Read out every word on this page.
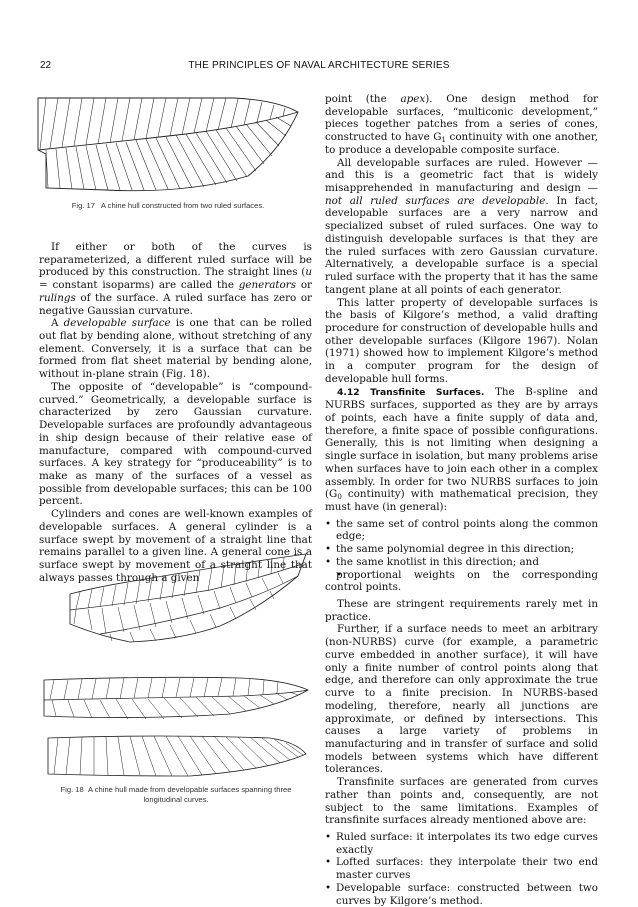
22	THE PRINCIPLES OF NAVAL ARCHITECTURE SERIES
Fig. 17 A chine hull constructed from two ruled surfaces.
Fig. 18 A chine hull made from developable surfaces spanning three
longitudinal curves.

If either or both of the curves is reparameterized, a different ruled surface will be produced by this construction. The straight lines (u = constant isoparms) are called the generators or rulings of the surface. A ruled surface has zero or negative Gaussian curvature.

A developable surface is one that can be rolled out flat by bending alone, without stretching of any element. Conversely, it is a surface that can be formed from flat sheet material by bending alone, without in-plane strain (Fig. 18).

The opposite of “developable” is “compound-curved.” Geometrically, a developable surface is characterized by zero Gaussian curvature. Developable surfaces are profoundly advantageous in ship design because of their relative ease of manufacture, compared with compound-curved surfaces. A key strategy for “produceability” is to make as many of the surfaces of a vessel as possible from developable surfaces; this can be 100 percent.

Cylinders and cones are well-known examples of developable surfaces. A general cylinder is a surface swept by movement of a straight line that remains parallel to a given line. A general cone is a surface swept by movement of a straight line that always passes through a given

point (the apex). One design method for developable surfaces, “multiconic development,” pieces together patches from a series of cones, constructed to have $G_1$ continuity with one another, to produce a developable composite surface.

All developable surfaces are ruled. However — and this is a geometric fact that is widely misapprehended in manufacturing and design — not all ruled surfaces are developable. In fact, developable surfaces are a very narrow and specialized subset of ruled surfaces. One way to distinguish developable surfaces is that they are the ruled surfaces with zero Gaussian curvature. Alternatively, a developable surface is a special ruled surface with the property that it has the same tangent plane at all points of each generator.

This latter property of developable surfaces is the basis of Kilgore’s method, a valid drafting procedure for construction of developable hulls and other developable surfaces (Kilgore 1967). Nolan (1971) showed how to implement Kilgore’s method in a computer program for the design of developable hull forms.

4.12 Transfinite Surfaces. The B-spline and NURBS surfaces, supported as they are by arrays of points, each have a finite supply of data and, therefore, a finite space of possible configurations. Generally, this is not limiting when designing a single surface in isolation, but many problems arise when surfaces have to join each other in a complex assembly. In order for two NURBS surfaces to join ($G_0$ continuity) with mathematical precision, they must have (in general):

• the same set of control points along the common edge;
• the same polynomial degree in this direction;
• the same knotlist in this direction; and
• proportional weights on the corresponding control points.

These are stringent requirements rarely met in practice.

Further, if a surface needs to meet an arbitrary (non-NURBS) curve (for example, a parametric curve embedded in another surface), it will have only a finite number of control points along that edge, and therefore can only approximate the true curve to a finite precision. In NURBS-based modeling, therefore, nearly all junctions are approximate, or defined by intersections. This causes a large variety of problems in manufacturing and in transfer of surface and solid models between systems which have different tolerances.

Transfinite surfaces are generated from curves rather than points and, consequently, are not subject to the same limitations. Examples of transfinite surfaces already mentioned above are:

• Ruled surface: it interpolates its two edge curves exactly
• Lofted surfaces: they interpolate their two end master curves
• Developable surface: constructed between two curves by Kilgore’s method.
